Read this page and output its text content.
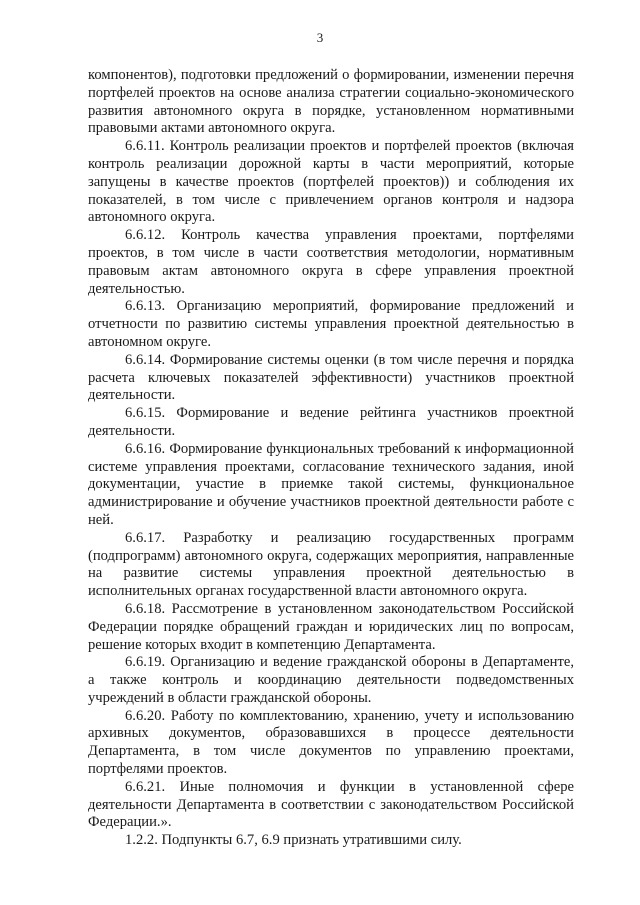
3

компонентов), подготовки предложений о формировании, изменении перечня портфелей проектов на основе анализа стратегии социально-экономического развития автономного округа в порядке, установленном нормативными правовыми актами автономного округа.

6.6.11. Контроль реализации проектов и портфелей проектов (включая контроль реализации дорожной карты в части мероприятий, которые запущены в качестве проектов (портфелей проектов)) и соблюдения их показателей, в том числе с привлечением органов контроля и надзора автономного округа.

6.6.12. Контроль качества управления проектами, портфелями проектов, в том числе в части соответствия методологии, нормативным правовым актам автономного округа в сфере управления проектной деятельностью.

6.6.13. Организацию мероприятий, формирование предложений и отчетности по развитию системы управления проектной деятельностью в автономном округе.

6.6.14. Формирование системы оценки (в том числе перечня и порядка расчета ключевых показателей эффективности) участников проектной деятельности.

6.6.15. Формирование и ведение рейтинга участников проектной деятельности.

6.6.16. Формирование функциональных требований к информационной системе управления проектами, согласование технического задания, иной документации, участие в приемке такой системы, функциональное администрирование и обучение участников проектной деятельности работе с ней.

6.6.17. Разработку и реализацию государственных программ (подпрограмм) автономного округа, содержащих мероприятия, направленные на развитие системы управления проектной деятельностью в исполнительных органах государственной власти автономного округа.

6.6.18. Рассмотрение в установленном законодательством Российской Федерации порядке обращений граждан и юридических лиц по вопросам, решение которых входит в компетенцию Департамента.

6.6.19. Организацию и ведение гражданской обороны в Департаменте, а также контроль и координацию деятельности подведомственных учреждений в области гражданской обороны.

6.6.20. Работу по комплектованию, хранению, учету и использованию архивных документов, образовавшихся в процессе деятельности Департамента, в том числе документов по управлению проектами, портфелями проектов.

6.6.21. Иные полномочия и функции в установленной сфере деятельности Департамента в соответствии с законодательством Российской Федерации.».

1.2.2. Подпункты 6.7, 6.9 признать утратившими силу.
